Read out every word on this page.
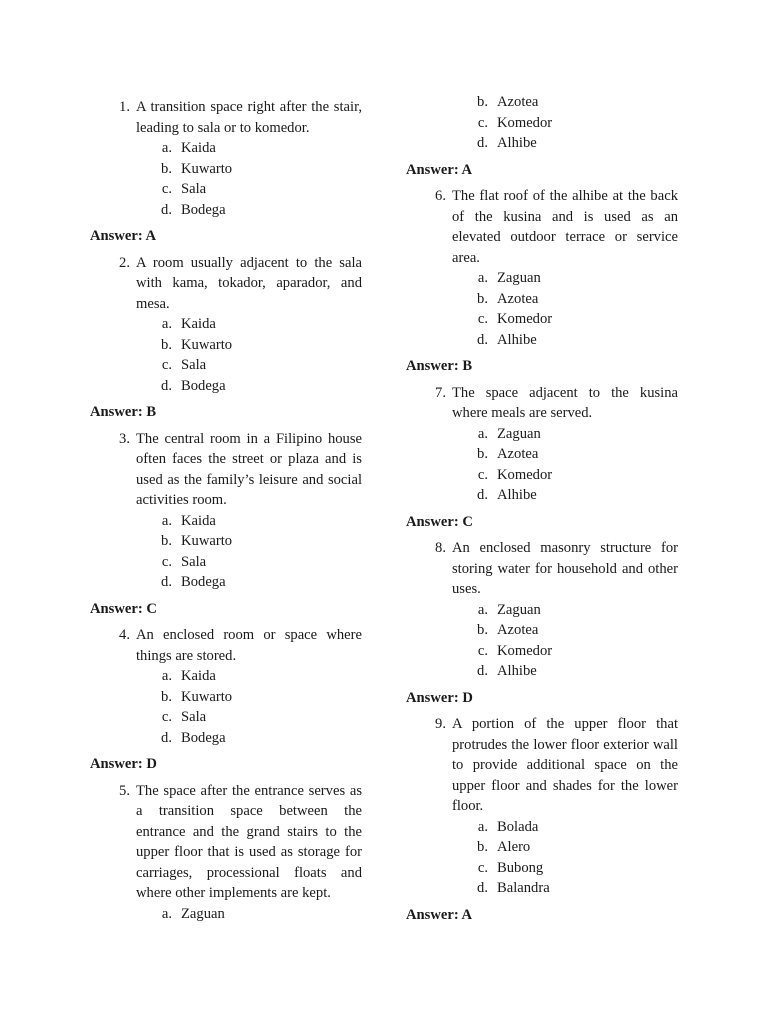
1. A transition space right after the stair, leading to sala or to komedor.
a. Kaida
b. Kuwarto
c. Sala
d. Bodega
Answer: A
2. A room usually adjacent to the sala with kama, tokador, aparador, and mesa.
a. Kaida
b. Kuwarto
c. Sala
d. Bodega
Answer: B
3. The central room in a Filipino house often faces the street or plaza and is used as the family’s leisure and social activities room.
a. Kaida
b. Kuwarto
c. Sala
d. Bodega
Answer: C
4. An enclosed room or space where things are stored.
a. Kaida
b. Kuwarto
c. Sala
d. Bodega
Answer: D
5. The space after the entrance serves as a transition space between the entrance and the grand stairs to the upper floor that is used as storage for carriages, processional floats and where other implements are kept.
a. Zaguan
b. Azotea
c. Komedor
d. Alhibe
Answer: A
6. The flat roof of the alhibe at the back of the kusina and is used as an elevated outdoor terrace or service area.
a. Zaguan
b. Azotea
c. Komedor
d. Alhibe
Answer: B
7. The space adjacent to the kusina where meals are served.
a. Zaguan
b. Azotea
c. Komedor
d. Alhibe
Answer: C
8. An enclosed masonry structure for storing water for household and other uses.
a. Zaguan
b. Azotea
c. Komedor
d. Alhibe
Answer: D
9. A portion of the upper floor that protrudes the lower floor exterior wall to provide additional space on the upper floor and shades for the lower floor.
a. Bolada
b. Alero
c. Bubong
d. Balandra
Answer: A
